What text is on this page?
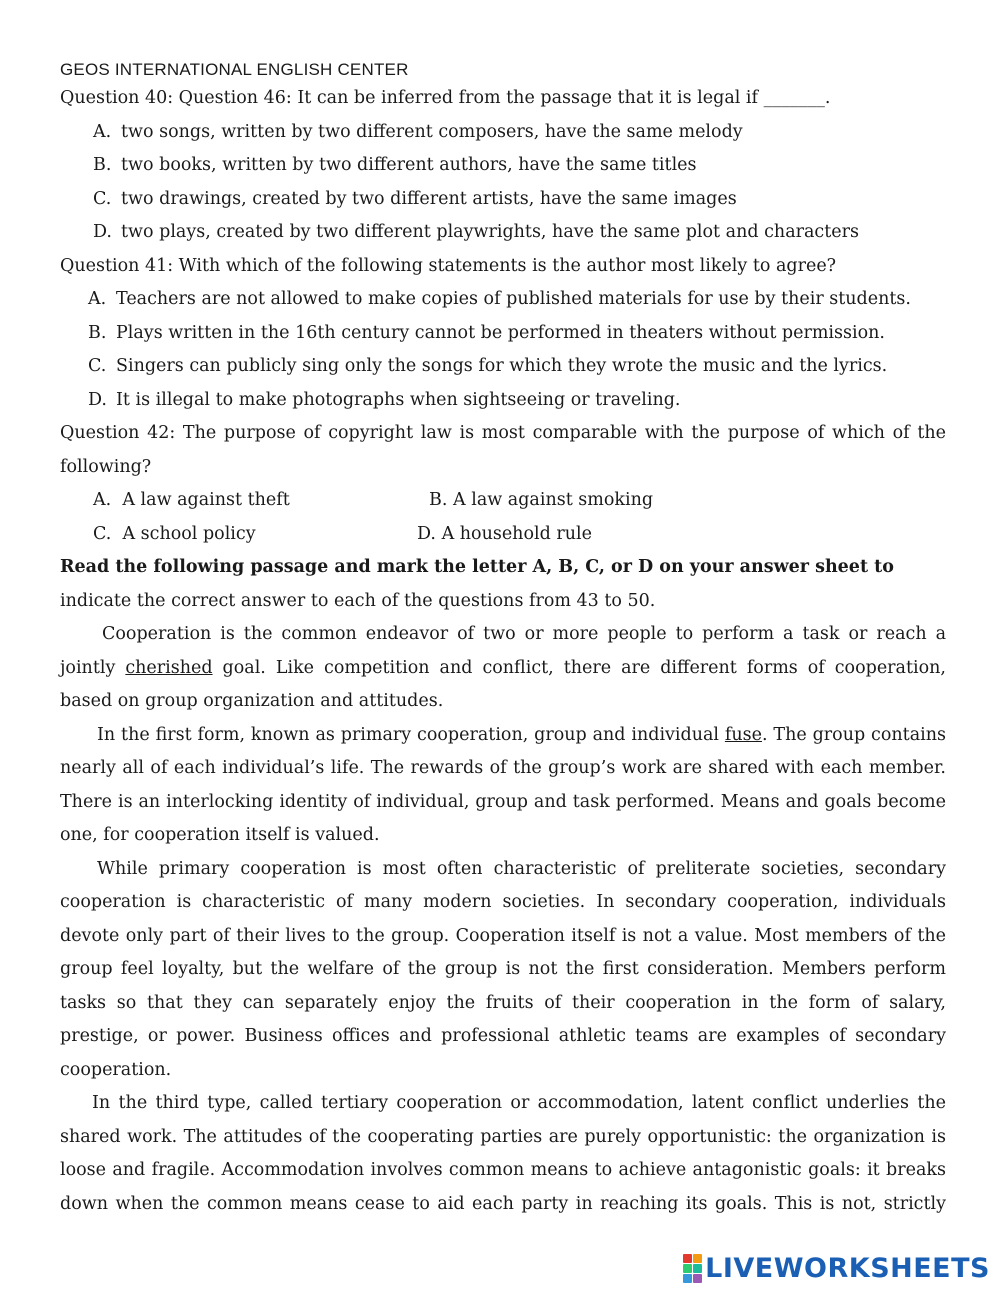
GEOS INTERNATIONAL ENGLISH CENTER
Question 40: Question 46: It can be inferred from the passage that it is legal if _______.
A. two songs, written by two different composers, have the same melody
B. two books, written by two different authors, have the same titles
C. two drawings, created by two different artists, have the same images
D. two plays, created by two different playwrights, have the same plot and characters
Question 41: With which of the following statements is the author most likely to agree?
A. Teachers are not allowed to make copies of published materials for use by their students.
B. Plays written in the 16th century cannot be performed in theaters without permission.
C. Singers can publicly sing only the songs for which they wrote the music and the lyrics.
D. It is illegal to make photographs when sightseeing or traveling.
Question 42: The purpose of copyright law is most comparable with the purpose of which of the following?
A. A law against theft	B. A law against smoking
C. A school policy	D. A household rule
Read the following passage and mark the letter A, B, C, or D on your answer sheet to
indicate the correct answer to each of the questions from 43 to 50.
Cooperation is the common endeavor of two or more people to perform a task or reach a jointly cherished goal. Like competition and conflict, there are different forms of cooperation, based on group organization and attitudes.
In the first form, known as primary cooperation, group and individual fuse. The group contains nearly all of each individual’s life. The rewards of the group’s work are shared with each member. There is an interlocking identity of individual, group and task performed. Means and goals become one, for cooperation itself is valued.
While primary cooperation is most often characteristic of preliterate societies, secondary cooperation is characteristic of many modern societies. In secondary cooperation, individuals devote only part of their lives to the group. Cooperation itself is not a value. Most members of the group feel loyalty, but the welfare of the group is not the first consideration. Members perform tasks so that they can separately enjoy the fruits of their cooperation in the form of salary, prestige, or power. Business offices and professional athletic teams are examples of secondary cooperation.
In the third type, called tertiary cooperation or accommodation, latent conflict underlies the shared work. The attitudes of the cooperating parties are purely opportunistic: the organization is loose and fragile. Accommodation involves common means to achieve antagonistic goals: it breaks down when the common means cease to aid each party in reaching its goals. This is not, strictly
LIVEWORKSHEETS
